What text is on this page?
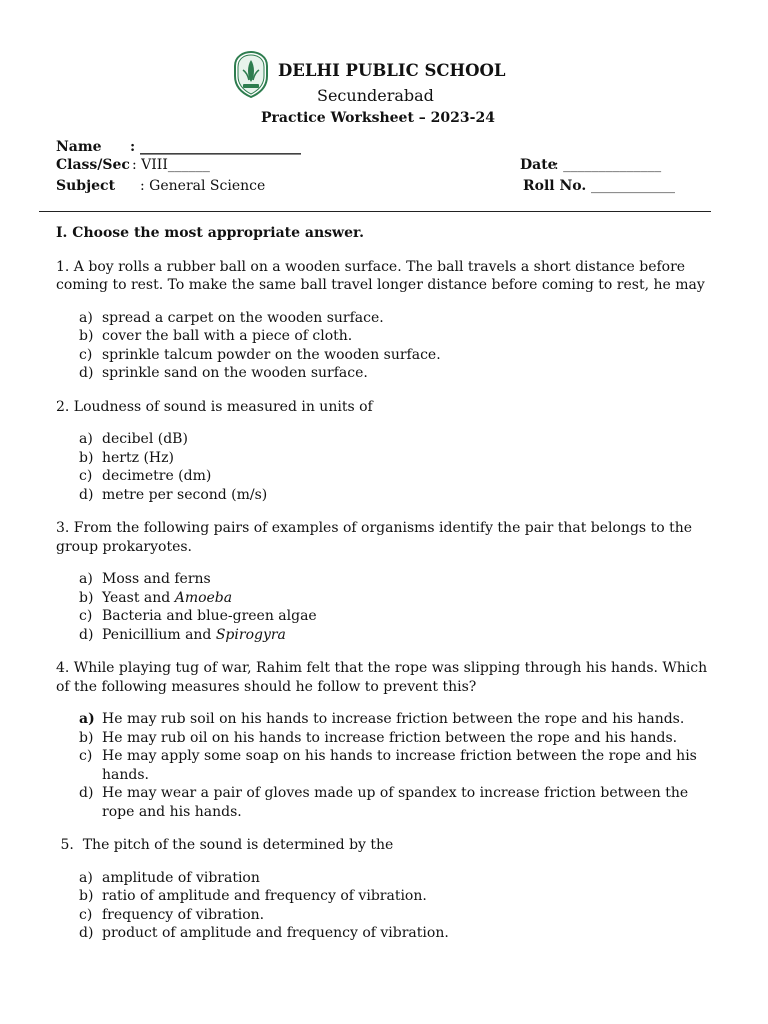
DELHI PUBLIC SCHOOL
Secunderabad
Practice Worksheet – 2023-24
Name : _______________________
Class/Sec : VIII______	Date
: ______________
Subject : General Science	Roll No. ____________
I. Choose the most appropriate answer.
1. A boy rolls a rubber ball on a wooden surface. The ball travels a short distance before coming to rest. To make the same ball travel longer distance before coming to rest, he may
a) spread a carpet on the wooden surface.
b) cover the ball with a piece of cloth.
c) sprinkle talcum powder on the wooden surface.
d) sprinkle sand on the wooden surface.
2. Loudness of sound is measured in units of
a) decibel (dB)
b) hertz (Hz)
c) decimetre (dm)
d) metre per second (m/s)
3. From the following pairs of examples of organisms identify the pair that belongs to the group prokaryotes.
a) Moss and ferns
b) Yeast and Amoeba
c) Bacteria and blue-green algae
d) Penicillium and Spirogyra
4. While playing tug of war, Rahim felt that the rope was slipping through his hands. Which of the following measures should he follow to prevent this?
a) He may rub soil on his hands to increase friction between the rope and his hands.
b) He may rub oil on his hands to increase friction between the rope and his hands.
c) He may apply some soap on his hands to increase friction between the rope and his hands.
d) He may wear a pair of gloves made up of spandex to increase friction between the rope and his hands.
5.  The pitch of the sound is determined by the
a) amplitude of vibration
b) ratio of amplitude and frequency of vibration.
c) frequency of vibration.
d) product of amplitude and frequency of vibration.
